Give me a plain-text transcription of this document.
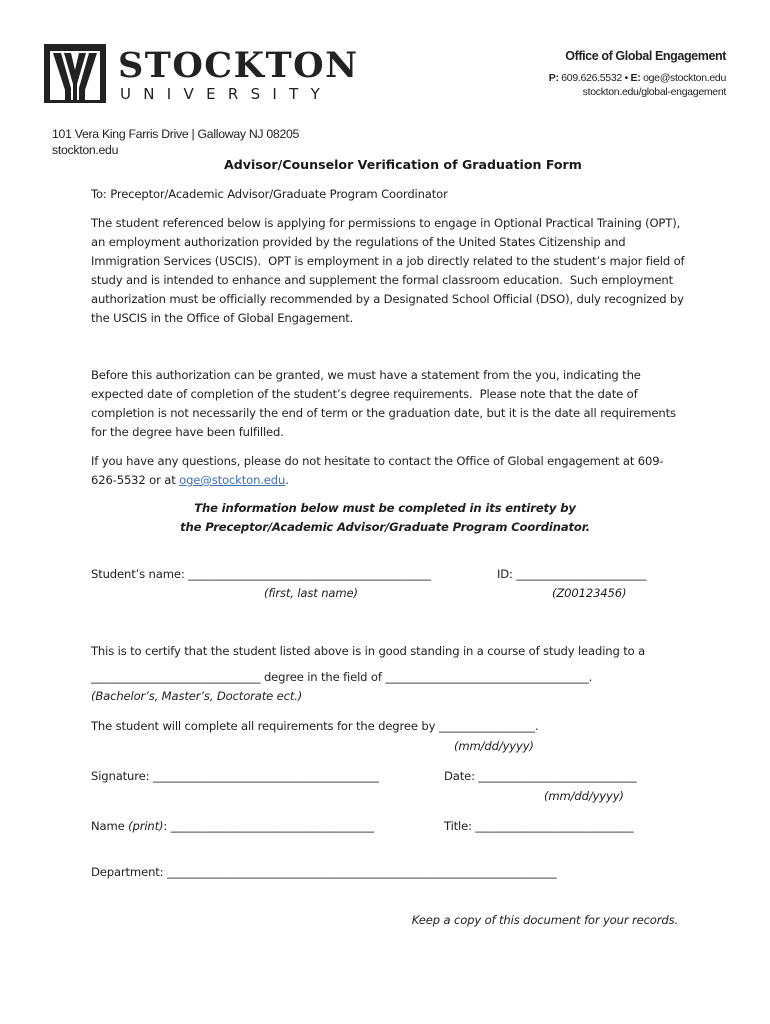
STOCKTON
UNIVERSITY
Office of Global Engagement
P: 609.626.5532 • E: oge@stockton.edu
stockton.edu/global-engagement
101 Vera King Farris Drive | Galloway NJ 08205
stockton.edu
Advisor/Counselor Verification of Graduation Form
To: Preceptor/Academic Advisor/Graduate Program Coordinator
The student referenced below is applying for permissions to engage in Optional Practical Training (OPT),
an employment authorization provided by the regulations of the United States Citizenship and
Immigration Services (USCIS).  OPT is employment in a job directly related to the student’s major field of
study and is intended to enhance and supplement the formal classroom education.  Such employment
authorization must be officially recommended by a Designated School Official (DSO), duly recognized by
the USCIS in the Office of Global Engagement.
Before this authorization can be granted, we must have a statement from the you, indicating the
expected date of completion of the student’s degree requirements.  Please note that the date of
completion is not necessarily the end of term or the graduation date, but it is the date all requirements
for the degree have been fulfilled.
If you have any questions, please do not hesitate to contact the Office of Global engagement at 609-
626-5532 or at oge@stockton.edu.
The information below must be completed in its entirety by
the Preceptor/Academic Advisor/Graduate Program Coordinator.
Student’s name: ___________________________________________	ID: _______________________
(first, last name)	(Z00123456)
This is to certify that the student listed above is in good standing in a course of study leading to a
______________________________ degree in the field of ____________________________________.
(Bachelor’s, Master’s, Doctorate ect.)
The student will complete all requirements for the degree by _________________.
(mm/dd/yyyy)
Signature: ________________________________________	Date: ____________________________
(mm/dd/yyyy)
Name (print): ____________________________________	Title: ____________________________
Department: _____________________________________________________________________
Keep a copy of this document for your records.
